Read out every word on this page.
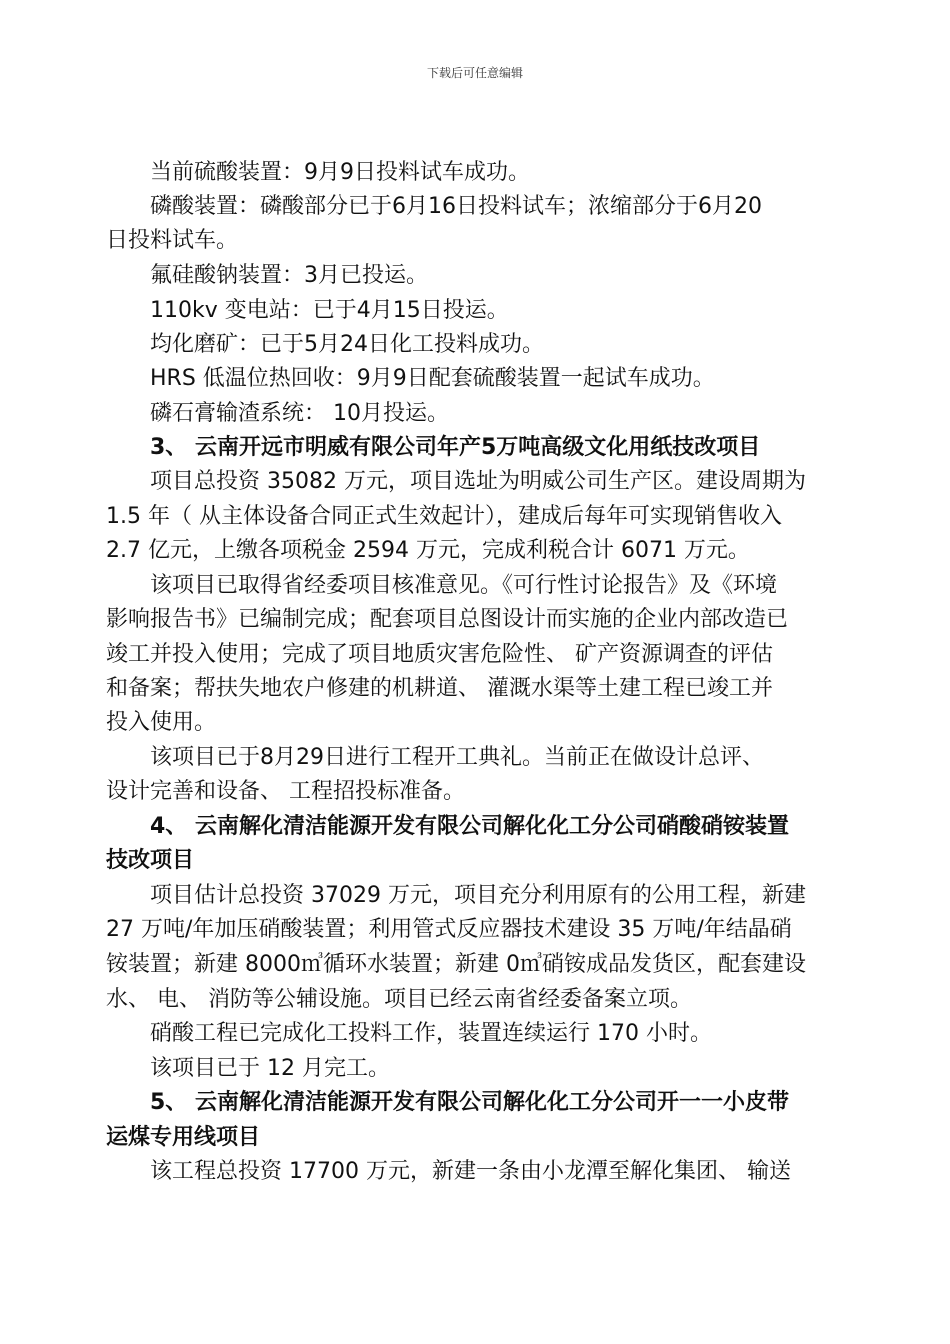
下载后可任意编辑
当前硫酸装置：9月9日投料试车成功。
磷酸装置：磷酸部分已于6月16日投料试车；浓缩部分于6月20
日投料试车。
氟硅酸钠装置：3月已投运。
110kv 变电站：已于4月15日投运。
均化磨矿：已于5月24日化工投料成功。
HRS 低温位热回收：9月9日配套硫酸装置一起试车成功。
磷石膏输渣系统： 10月投运。
3、 云南开远市明威有限公司年产5万吨高级文化用纸技改项目
项目总投资 35082 万元，项目选址为明威公司生产区。建设周期为
1.5 年（ 从主体设备合同正式生效起计），建成后每年可实现销售收入
2.7 亿元，上缴各项税金 2594 万元，完成利税合计 6071 万元。
该项目已取得省经委项目核准意见。《可行性讨论报告》及《环境
影响报告书》已编制完成；配套项目总图设计而实施的企业内部改造已
竣工并投入使用；完成了项目地质灾害危险性、 矿产资源调查的评估
和备案；帮扶失地农户修建的机耕道、 灌溉水渠等土建工程已竣工并
投入使用。
该项目已于8月29日进行工程开工典礼。当前正在做设计总评、
设计完善和设备、 工程招投标准备。
4、 云南解化清洁能源开发有限公司解化化工分公司硝酸硝铵装置
技改项目
项目估计总投资 37029 万元，项目充分利用原有的公用工程，新建
27 万吨/年加压硝酸装置；利用管式反应器技术建设 35 万吨/年结晶硝
铵装置；新建 8000㎥循环水装置；新建 0㎥硝铵成品发货区，配套建设
水、 电、 消防等公辅设施。项目已经云南省经委备案立项。
硝酸工程已完成化工投料工作，装置连续运行 170 小时。
该项目已于 12 月完工。
5、 云南解化清洁能源开发有限公司解化化工分公司开一一小皮带
运煤专用线项目
该工程总投资 17700 万元，新建一条由小龙潭至解化集团、 输送
